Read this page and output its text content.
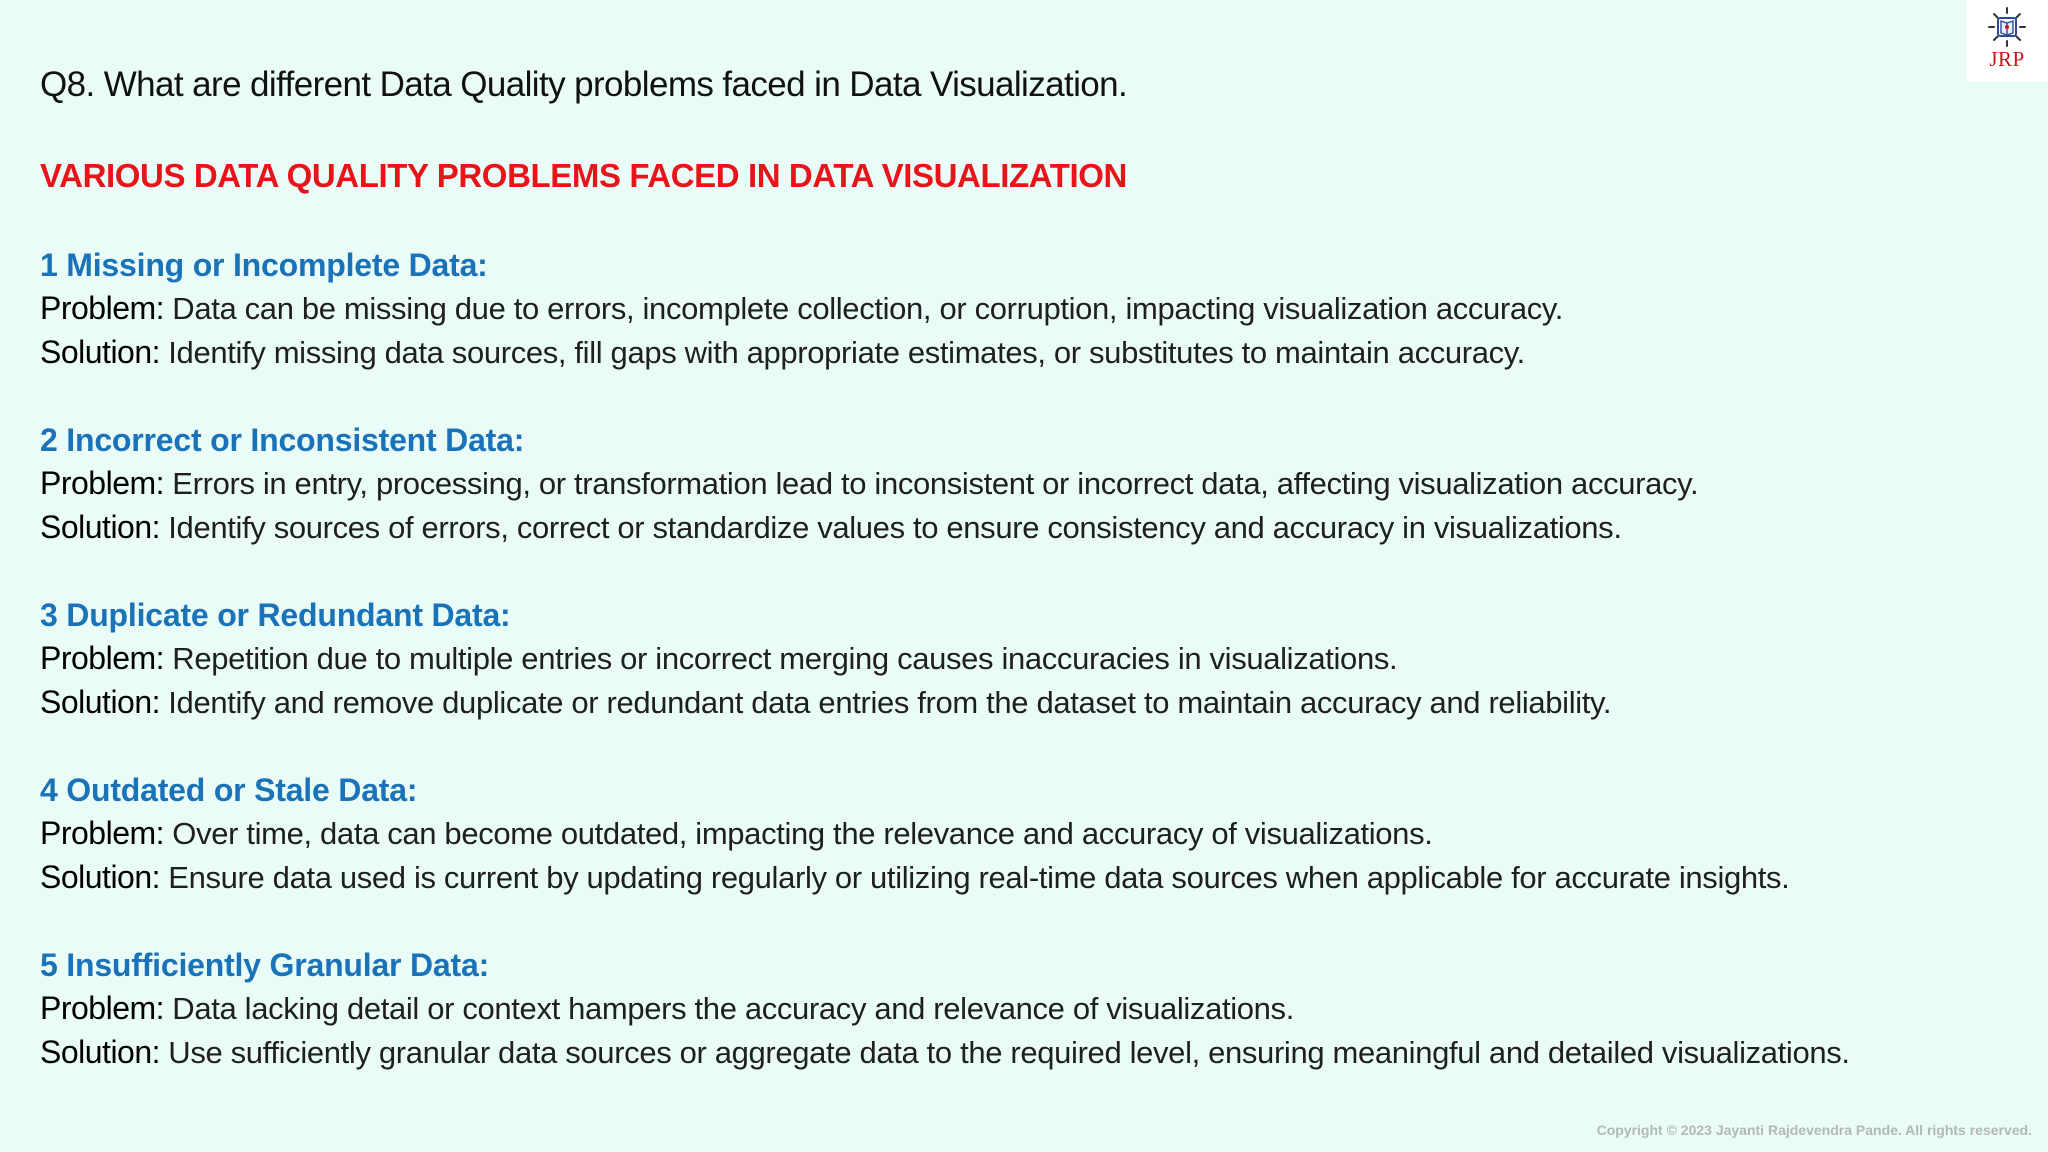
Q8. What are different Data Quality problems faced in Data Visualization.
VARIOUS DATA QUALITY PROBLEMS FACED IN DATA VISUALIZATION
1 Missing or Incomplete Data:
Problem: Data can be missing due to errors, incomplete collection, or corruption, impacting visualization accuracy.
Solution: Identify missing data sources, fill gaps with appropriate estimates, or substitutes to maintain accuracy.
2 Incorrect or Inconsistent Data:
Problem: Errors in entry, processing, or transformation lead to inconsistent or incorrect data, affecting visualization accuracy.
Solution: Identify sources of errors, correct or standardize values to ensure consistency and accuracy in visualizations.
3 Duplicate or Redundant Data:
Problem: Repetition due to multiple entries or incorrect merging causes inaccuracies in visualizations.
Solution: Identify and remove duplicate or redundant data entries from the dataset to maintain accuracy and reliability.
4 Outdated or Stale Data:
Problem: Over time, data can become outdated, impacting the relevance and accuracy of visualizations.
Solution: Ensure data used is current by updating regularly or utilizing real-time data sources when applicable for accurate insights.
5 Insufficiently Granular Data:
Problem: Data lacking detail or context hampers the accuracy and relevance of visualizations.
Solution: Use sufficiently granular data sources or aggregate data to the required level, ensuring meaningful and detailed visualizations.
JRP
Copyright © 2023 Jayanti Rajdevendra Pande. All rights reserved.
